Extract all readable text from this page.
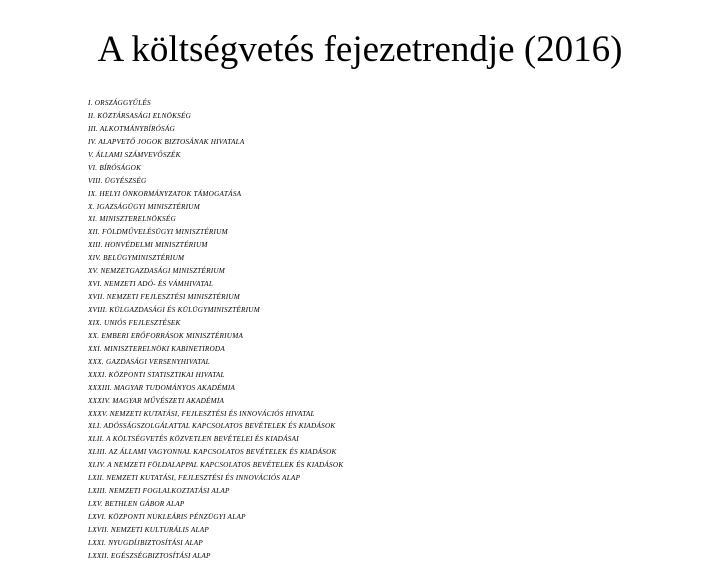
A költségvetés fejezetrendje (2016)
I. ORSZÁGGYŰLÉS
II. KÖZTÁRSASÁGI ELNÖKSÉG
III. ALKOTMÁNYBÍRÓSÁG
IV. ALAPVETŐ JOGOK BIZTOSÁNAK HIVATALA
V. ÁLLAMI SZÁMVEVŐSZÉK
VI. BÍRÓSÁGOK
VIII. ÜGYÉSZSÉG
IX. HELYI ÖNKORMÁNYZATOK TÁMOGATÁSA
X. IGAZSÁGÜGYI MINISZTÉRIUM
XI. MINISZTERELNÖKSÉG
XII. FÖLDMŰVELÉSÜGYI MINISZTÉRIUM
XIII. HONVÉDELMI MINISZTÉRIUM
XIV. BELÜGYMINISZTÉRIUM
XV. NEMZETGAZDASÁGI MINISZTÉRIUM
XVI. NEMZETI ADÓ- ÉS VÁMHIVATAL
XVII. NEMZETI FEJLESZTÉSI MINISZTÉRIUM
XVIII. KÜLGAZDASÁGI ÉS KÜLÜGYMINISZTÉRIUM
XIX. UNIÓS FEJLESZTÉSEK
XX. EMBERI ERŐFORRÁSOK MINISZTÉRIUMA
XXI. MINISZTERELNÖKI KABINETIRODA
XXX. GAZDASÁGI VERSENYHIVATAL
XXXI. KÖZPONTI STATISZTIKAI HIVATAL
XXXIII. MAGYAR TUDOMÁNYOS AKADÉMIA
XXXIV. MAGYAR MŰVÉSZETI AKADÉMIA
XXXV. NEMZETI KUTATÁSI, FEJLESZTÉSI ÉS INNOVÁCIÓS HIVATAL
XLI. ADÓSSÁGSZOLGÁLATTAL KAPCSOLATOS BEVÉTELEK ÉS KIADÁSOK
XLII. A KÖLTSÉGVETÉS KÖZVETLEN BEVÉTELEI ÉS KIADÁSAI
XLIII. AZ ÁLLAMI VAGYONNAL KAPCSOLATOS BEVÉTELEK ÉS KIADÁSOK
XLIV. A NEMZETI FÖLDALAPPAL KAPCSOLATOS BEVÉTELEK ÉS KIADÁSOK
LXII. NEMZETI KUTATÁSI, FEJLESZTÉSI ÉS INNOVÁCIÓS ALAP
LXIII. NEMZETI FOGLALKOZTATÁSI ALAP
LXV. BETHLEN GÁBOR ALAP
LXVI. KÖZPONTI NUKLEÁRIS PÉNZÜGYI ALAP
LXVII. NEMZETI KULTURÁLIS ALAP
LXXI. NYUGDÍJBIZTOSÍTÁSI ALAP
LXXII. EGÉSZSÉGBIZTOSÍTÁSI ALAP
